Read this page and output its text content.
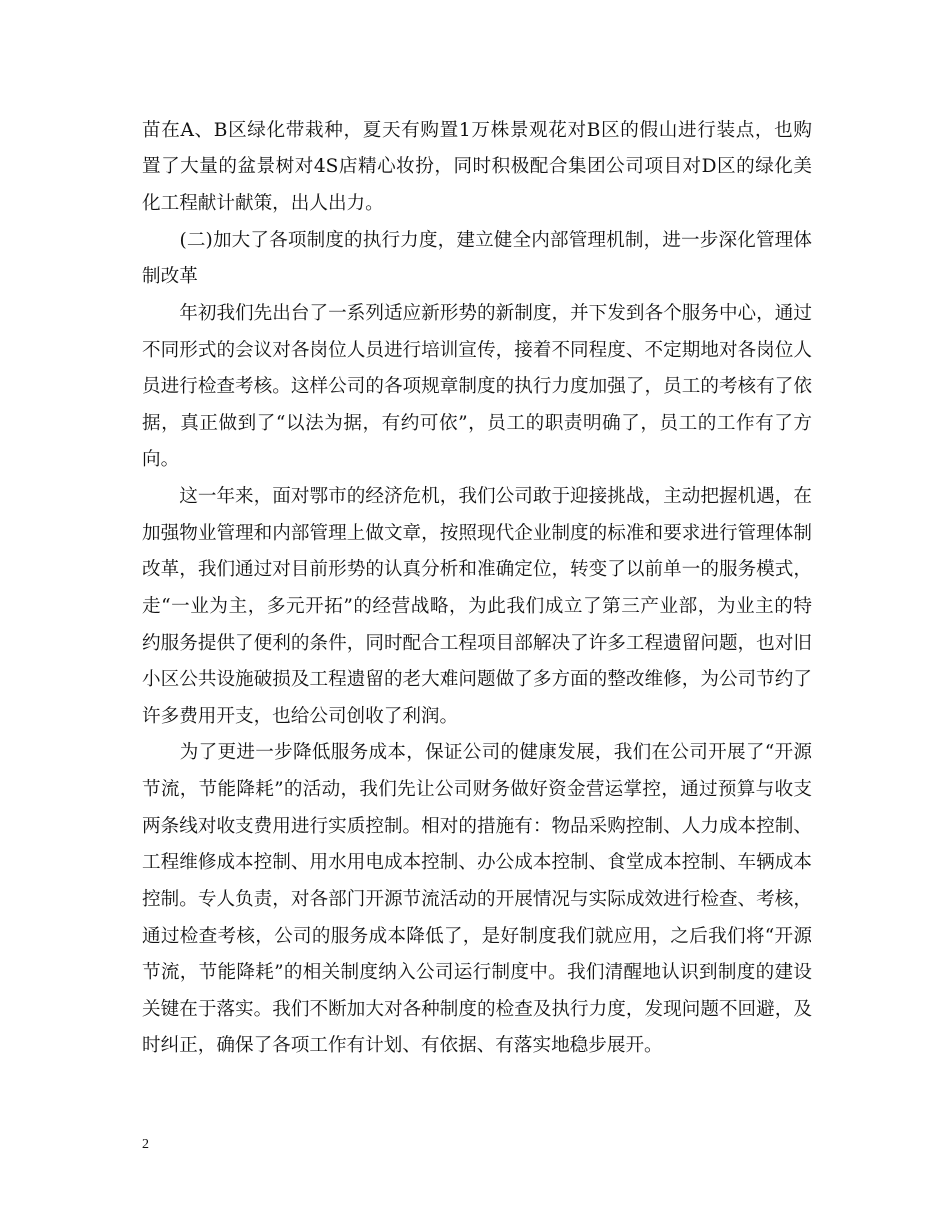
苗在A、B区绿化带栽种，夏天有购置1万株景观花对B区的假山进行装点，也购
置了大量的盆景树对4S店精心妆扮，同时积极配合集团公司项目对D区的绿化美
化工程献计献策，出人出力。
　　(二)加大了各项制度的执行力度，建立健全内部管理机制，进一步深化管理体
制改革
　　年初我们先出台了一系列适应新形势的新制度，并下发到各个服务中心，通过
不同形式的会议对各岗位人员进行培训宣传，接着不同程度、不定期地对各岗位人
员进行检查考核。这样公司的各项规章制度的执行力度加强了，员工的考核有了依
据，真正做到了“以法为据，有约可依”，员工的职责明确了，员工的工作有了方
向。
　　这一年来，面对鄂市的经济危机，我们公司敢于迎接挑战，主动把握机遇，在
加强物业管理和内部管理上做文章，按照现代企业制度的标准和要求进行管理体制
改革，我们通过对目前形势的认真分析和准确定位，转变了以前单一的服务模式，
走“一业为主，多元开拓”的经营战略，为此我们成立了第三产业部，为业主的特
约服务提供了便利的条件，同时配合工程项目部解决了许多工程遗留问题，也对旧
小区公共设施破损及工程遗留的老大难问题做了多方面的整改维修，为公司节约了
许多费用开支，也给公司创收了利润。
　　为了更进一步降低服务成本，保证公司的健康发展，我们在公司开展了“开源
节流，节能降耗”的活动，我们先让公司财务做好资金营运掌控，通过预算与收支
两条线对收支费用进行实质控制。相对的措施有：物品采购控制、人力成本控制、
工程维修成本控制、用水用电成本控制、办公成本控制、食堂成本控制、车辆成本
控制。专人负责，对各部门开源节流活动的开展情况与实际成效进行检查、考核，
通过检查考核，公司的服务成本降低了，是好制度我们就应用，之后我们将“开源
节流，节能降耗”的相关制度纳入公司运行制度中。我们清醒地认识到制度的建设
关键在于落实。我们不断加大对各种制度的检查及执行力度，发现问题不回避，及
时纠正，确保了各项工作有计划、有依据、有落实地稳步展开。
2
